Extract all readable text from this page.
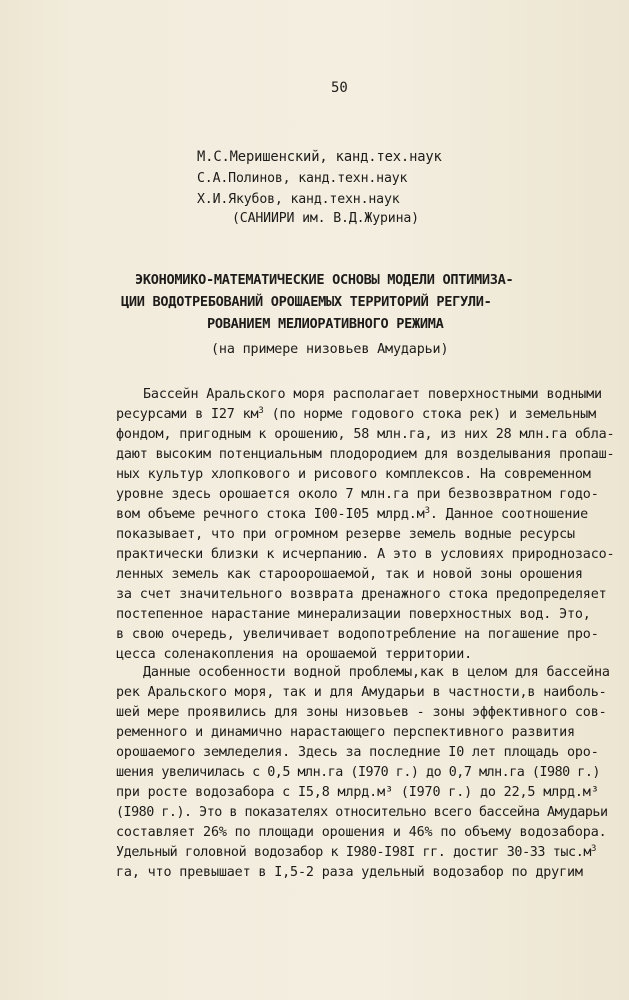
50
М.С.Меришенский, канд.тех.наук
С.А.Полинов, канд.техн.наук
Х.И.Якубов, канд.техн.наук
(САНИИРИ им. В.Д.Журина)
ЭКОНОМИКО-МАТЕМАТИЧЕСКИЕ ОСНОВЫ МОДЕЛИ ОПТИМИЗА-
ЦИИ ВОДОТРЕБОВАНИЙ ОРОШАЕМЫХ ТЕРРИТОРИЙ РЕГУЛИ-
РОВАНИЕМ МЕЛИОРАТИВНОГО РЕЖИМА
(на примере низовьев Амударьи)
Бассейн Аральского моря располагает поверхностными водными
ресурсами в I27 $км^3$ (по норме годового стока рек) и земельным
фондом, пригодным к орошению, 58 млн.га, из них 28 млн.га обла-
дают высоким потенциальным плодородием для возделывания пропаш-
ных культур хлопкового и рисового комплексов. На современном
уровне здесь орошается около 7 млн.га при безвозвратном годо-
вом объеме речного стока I00-I05 $млрд.м^3$. Данное соотношение
показывает, что при огромном резерве земель водные ресурсы
практически близки к исчерпанию. А это в условиях природнозасо-
ленных земель как староорошаемой, так и новой зоны орошения
за счет значительного возврата дренажного стока предопределяет
постепенное нарастание минерализации поверхностных вод. Это,
в свою очередь, увеличивает водопотребление на погашение про-
цесса соленакопления на орошаемой территории.
Данные особенности водной проблемы,как в целом для бассейна
рек Аральского моря, так и для Амударьи в частности,в наиболь-
шей мере проявились для зоны низовьев - зоны эффективного сов-
ременного и динамично нарастающего перспективного развития
орошаемого земледелия. Здесь за последние I0 лет площадь оро-
шения увеличилась с 0,5 млн.га (I970 г.) до 0,7 млн.га (I980 г.)
при росте водозабора с I5,8 млрд.м³ (I970 г.) до 22,5 млрд.м³
(I980 г.). Это в показателях относительно всего бассейна Амударьи
составляет 26% по площади орошения и 46% по объему водозабора.
Удельный головной водозабор к I980-I98I гг. достиг 30-33 $тыс.м^3$
га, что превышает в I,5-2 раза удельный водозабор по другим
